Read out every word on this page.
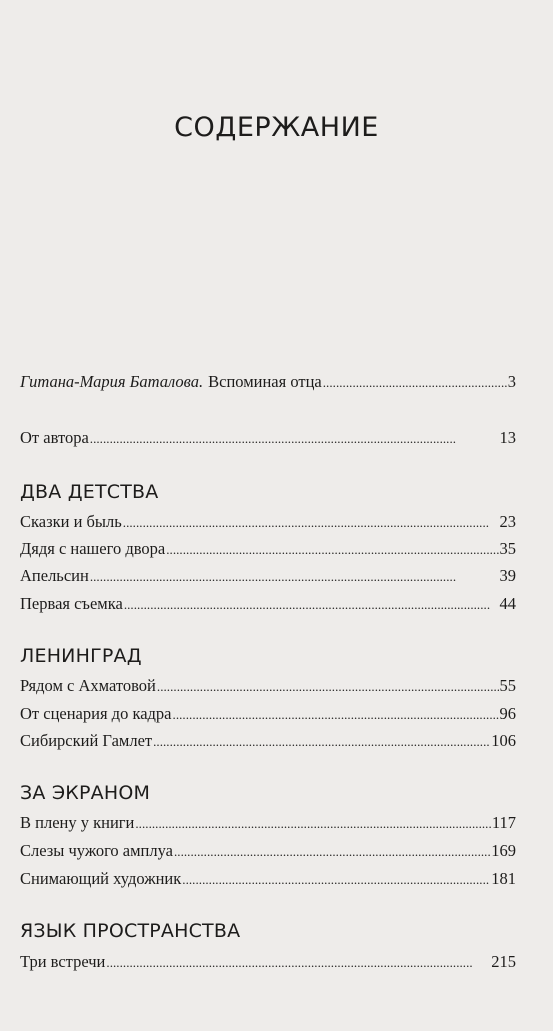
СОДЕРЖАНИЕ
Гитана-Мария Баталова. Вспоминая отца . . .	3
От автора . . .	13
ДВА ДЕТСТВА
Сказки и быль . . .	23
Дядя с нашего двора . . .	35
Апельсин . . .	39
Первая съемка . . .	44
ЛЕНИНГРАД
Рядом с Ахматовой . . .	55
От сценария до кадра . . .	96
Сибирский Гамлет . . .	106
ЗА ЭКРАНОМ
В плену у книги . . .	117
Слезы чужого амплуа . . .	169
Снимающий художник . . .	181
ЯЗЫК ПРОСТРАНСТВА
Три встречи . . .	215
